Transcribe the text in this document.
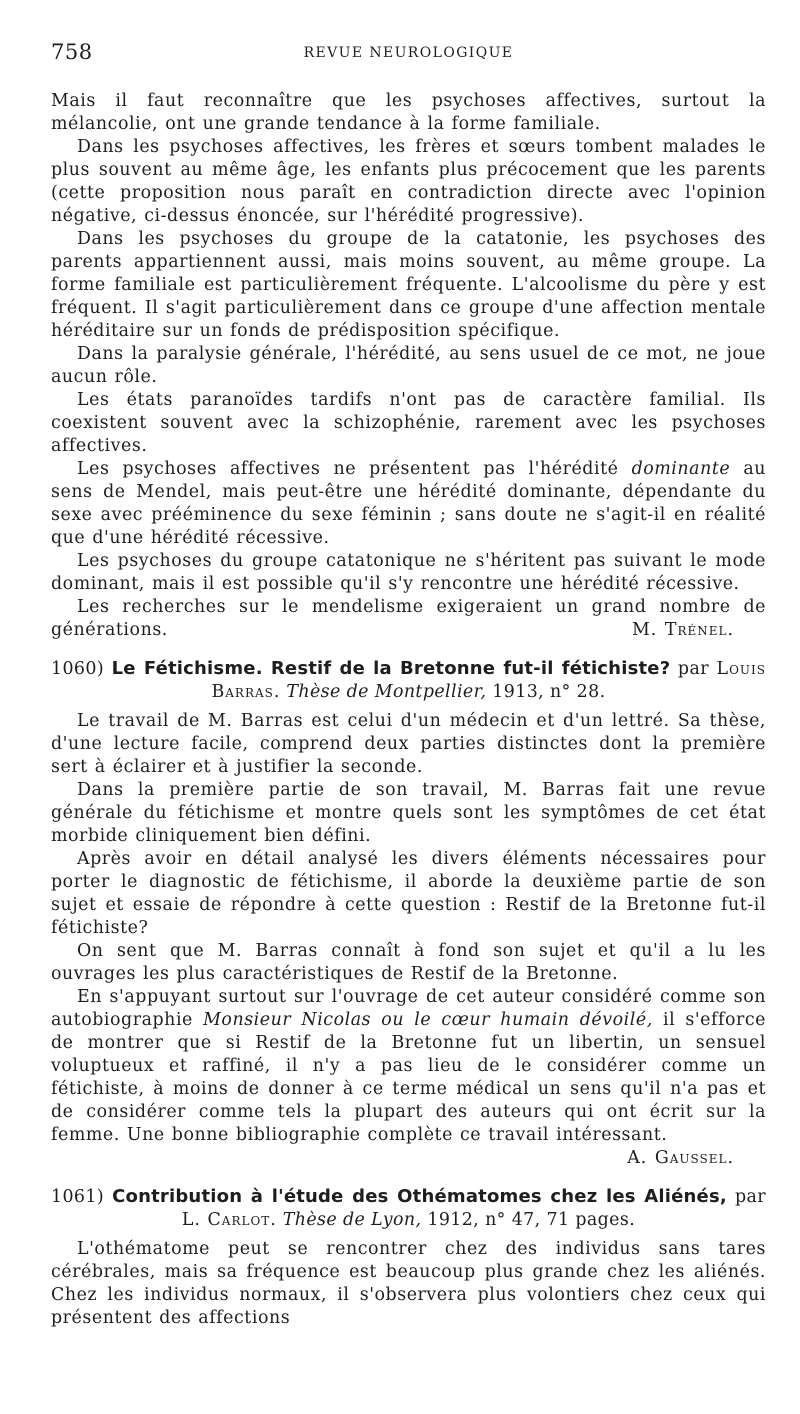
758	REVUE NEUROLOGIQUE

Mais il faut reconnaître que les psychoses affectives, surtout la mélancolie, ont une grande tendance à la forme familiale.

Dans les psychoses affectives, les frères et sœurs tombent malades le plus souvent au même âge, les enfants plus précocement que les parents (cette proposition nous paraît en contradiction directe avec l'opinion négative, ci-dessus énoncée, sur l'hérédité progressive).

Dans les psychoses du groupe de la catatonie, les psychoses des parents appartiennent aussi, mais moins souvent, au même groupe. La forme familiale est particulièrement fréquente. L'alcoolisme du père y est fréquent. Il s'agit particulièrement dans ce groupe d'une affection mentale héréditaire sur un fonds de prédisposition spécifique.

Dans la paralysie générale, l'hérédité, au sens usuel de ce mot, ne joue aucun rôle.

Les états paranoïdes tardifs n'ont pas de caractère familial. Ils coexistent souvent avec la schizophénie, rarement avec les psychoses affectives.

Les psychoses affectives ne présentent pas l'hérédité dominante au sens de Mendel, mais peut-être une hérédité dominante, dépendante du sexe avec prééminence du sexe féminin ; sans doute ne s'agit-il en réalité que d'une hérédité récessive.

Les psychoses du groupe catatonique ne s'héritent pas suivant le mode dominant, mais il est possible qu'il s'y rencontre une hérédité récessive.

Les recherches sur le mendelisme exigeraient un grand nombre de générations.	M. Trénel.

1060) Le Fétichisme. Restif de la Bretonne fut-il fétichiste? par Louis
Barras. Thèse de Montpellier, 1913, n° 28.

Le travail de M. Barras est celui d'un médecin et d'un lettré. Sa thèse, d'une lecture facile, comprend deux parties distinctes dont la première sert à éclairer et à justifier la seconde.

Dans la première partie de son travail, M. Barras fait une revue générale du fétichisme et montre quels sont les symptômes de cet état morbide cliniquement bien défini.

Après avoir en détail analysé les divers éléments nécessaires pour porter le diagnostic de fétichisme, il aborde la deuxième partie de son sujet et essaie de répondre à cette question : Restif de la Bretonne fut-il fétichiste?

On sent que M. Barras connaît à fond son sujet et qu'il a lu les ouvrages les plus caractéristiques de Restif de la Bretonne.

En s'appuyant surtout sur l'ouvrage de cet auteur considéré comme son autobiographie Monsieur Nicolas ou le cœur humain dévoilé, il s'efforce de montrer que si Restif de la Bretonne fut un libertin, un sensuel voluptueux et raffiné, il n'y a pas lieu de le considérer comme un fétichiste, à moins de donner à ce terme médical un sens qu'il n'a pas et de considérer comme tels la plupart des auteurs qui ont écrit sur la femme. Une bonne bibliographie complète ce travail intéressant.
A. Gaussel.

1061) Contribution à l'étude des Othématomes chez les Aliénés, par
L. Carlot. Thèse de Lyon, 1912, n° 47, 71 pages.

L'othématome peut se rencontrer chez des individus sans tares cérébrales, mais sa fréquence est beaucoup plus grande chez les aliénés. Chez les individus normaux, il s'observera plus volontiers chez ceux qui présentent des affections
